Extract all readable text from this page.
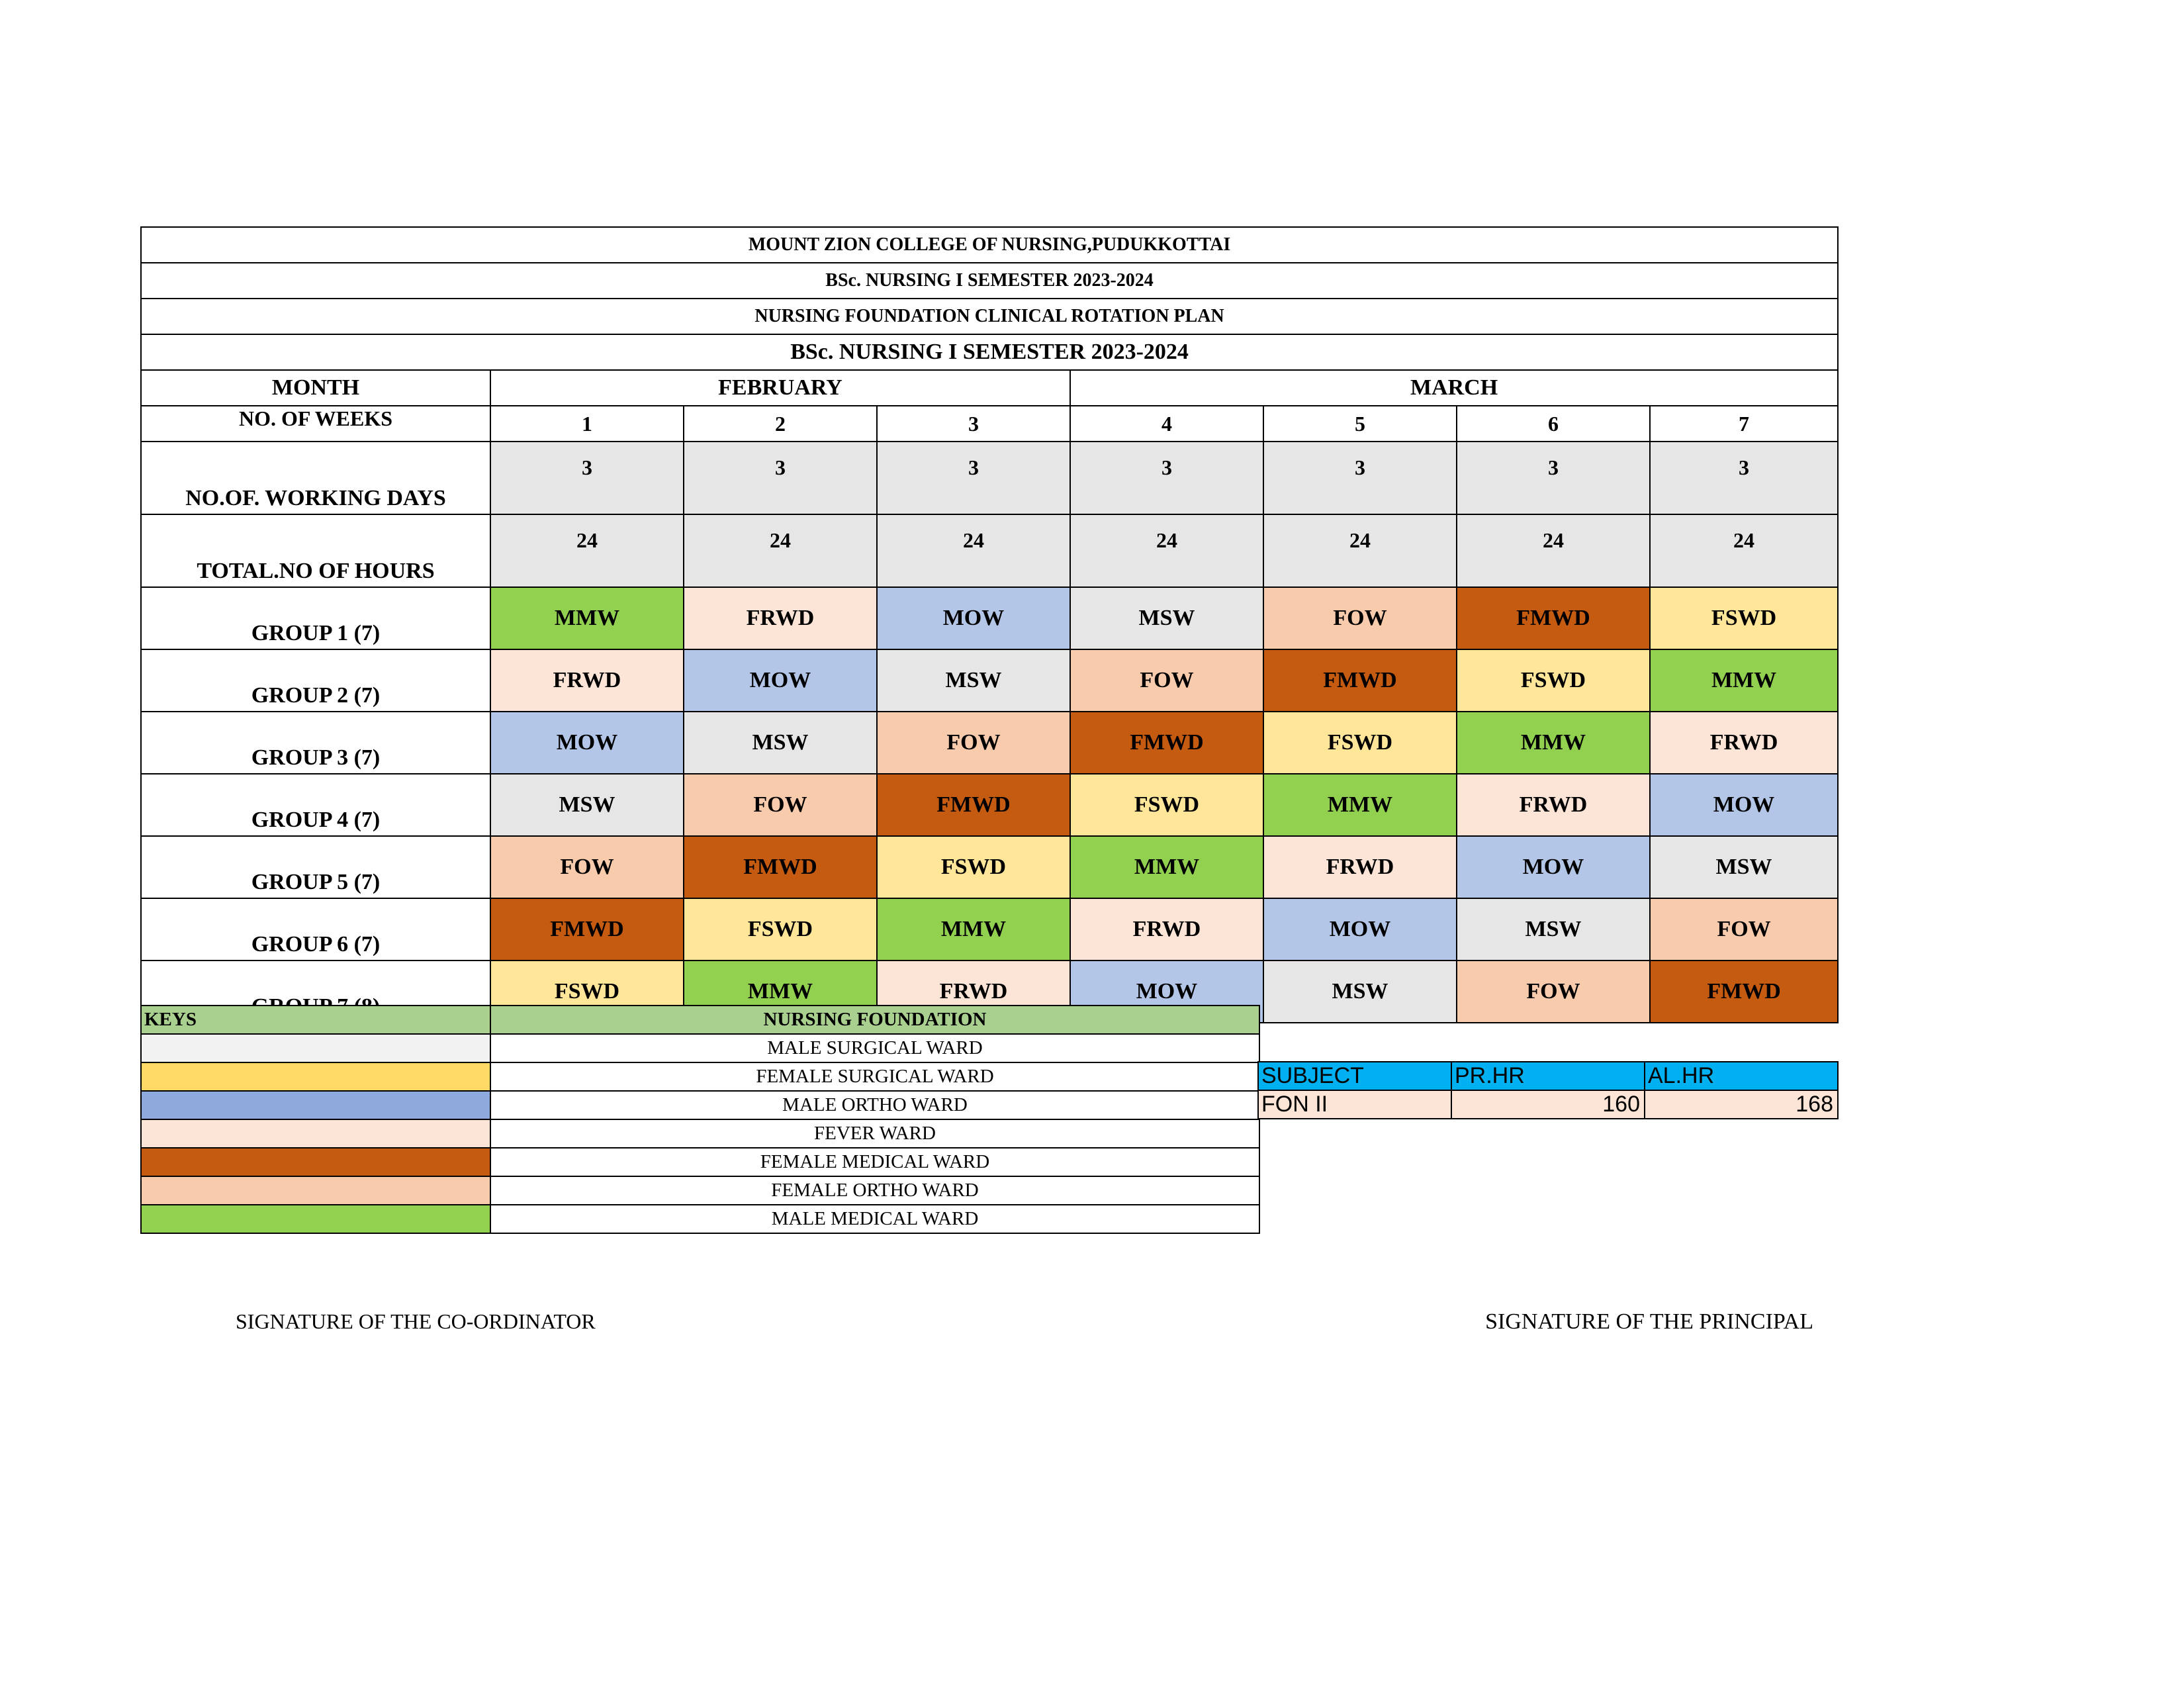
MOUNT ZION COLLEGE OF NURSING,PUDUKKOTTAI							
BSc. NURSING I SEMESTER 2023-2024							
NURSING FOUNDATION CLINICAL ROTATION PLAN							
BSc. NURSING I SEMESTER 2023-2024							
MONTH	FEBRUARY			MARCH			
NO. OF WEEKS	1	2	3	4	5	6	7
NO.OF. WORKING DAYS	3	3	3	3	3	3	3
TOTAL.NO OF HOURS	24	24	24	24	24	24	24
GROUP 1 (7)	MMW	FRWD	MOW	MSW	FOW	FMWD	FSWD
GROUP 2 (7)	FRWD	MOW	MSW	FOW	FMWD	FSWD	MMW
GROUP 3 (7)	MOW	MSW	FOW	FMWD	FSWD	MMW	FRWD
GROUP 4 (7)	MSW	FOW	FMWD	FSWD	MMW	FRWD	MOW
GROUP 5 (7)	FOW	FMWD	FSWD	MMW	FRWD	MOW	MSW
GROUP 6 (7)	FMWD	FSWD	MMW	FRWD	MOW	MSW	FOW
	FSWD	MMW	FRWD	MOW	MSW	FOW	FMWD
KEYS	NURSING FOUNDATION
	MALE SURGICAL WARD
	FEMALE SURGICAL WARD
	MALE ORTHO WARD
	FEVER WARD
	FEMALE MEDICAL WARD
	FEMALE ORTHO WARD
	MALE MEDICAL WARD
SUBJECT	PR.HR	AL.HR
FON II	160	168
SIGNATURE OF THE CO-ORDINATOR	SIGNATURE OF THE PRINCIPAL
